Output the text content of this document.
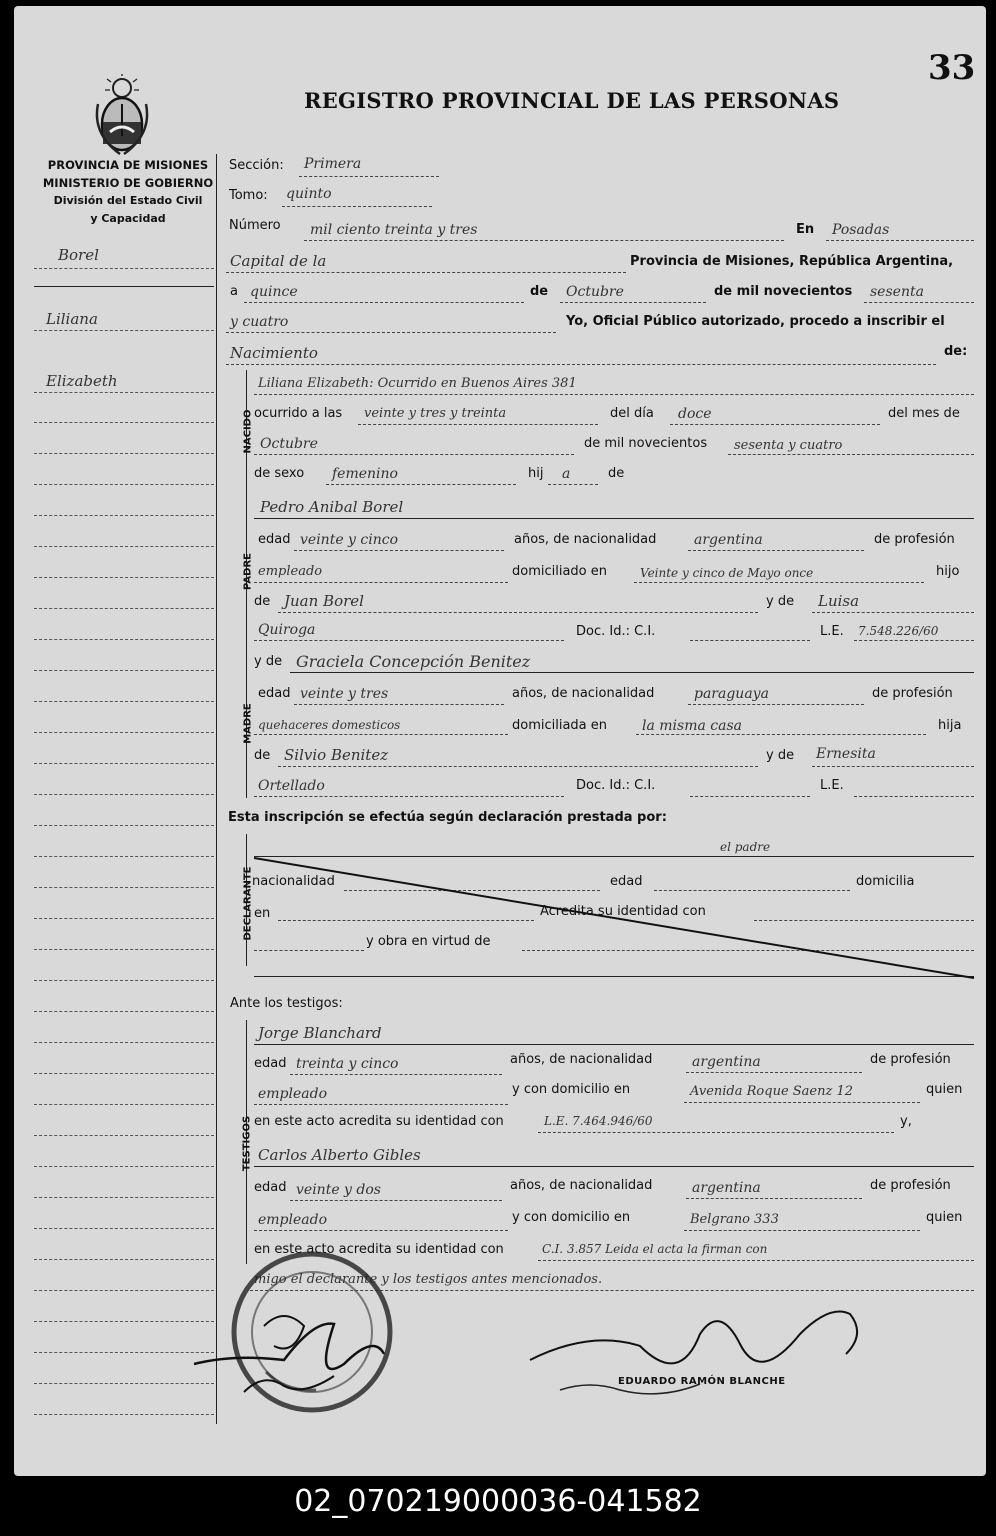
33
REGISTRO PROVINCIAL DE LAS PERSONAS
PROVINCIA DE MISIONES
MINISTERIO DE GOBIERNO
División del Estado Civil
y Capacidad
Borel
Liliana
Elizabeth
Sección: Primera
Tomo: quinto
Número mil ciento treinta y tres	En Posadas
Capital de la	Provincia de Misiones, República Argentina,
a quince	de Octubre	de mil novecientos sesenta
y cuatro	Yo, Oficial Público autorizado, procedo a inscribir el
Nacimiento	de:
NACIDO
Liliana Elizabeth: Ocurrido en Buenos Aires 381
ocurrido a las veinte y tres y treinta	del día doce	del mes de
Octubre	de mil novecientos sesenta y cuatro
de sexo femenino	hij a	de
PADRE
Pedro Anibal Borel
edad veinte y cinco	años, de nacionalidad	argentina	de profesión
empleado	domiciliado en	Veinte y cinco de Mayo once	hijo
de Juan Borel	y de Luisa
Quiroga	Doc. Id.: C.I.	L.E. 7.548.226/60
MADRE
y de Graciela Concepción Benitez
edad veinte y tres	años, de nacionalidad	paraguaya	de profesión
quehaceres domesticos	domiciliada en la misma casa	hija
de Silvio Benitez	y de Ernesita
Ortellado	Doc. Id.: C.I.	L.E.
Esta inscripción se efectúa según declaración prestada por:
DECLARANTE
el padre
nacionalidad	edad	domicilia
en	Acredita su identidad con
y obra en virtud de
Ante los testigos:
TESTIGOS
Jorge Blanchard
edad treinta y cinco	años, de nacionalidad	argentina	de profesión
empleado	y con domicilio en	Avenida Roque Saenz 12	quien
en este acto acredita su identidad con	L.E. 7.464.946/60	y,
Carlos Alberto Gibles
edad veinte y dos	años, de nacionalidad	argentina	de profesión
empleado	y con domicilio en	Belgrano 333	quien
en este acto acredita su identidad con	C.I. 3.857 Leida el acta la firman con
migo el declarante y los testigos antes mencionados.
EDUARDO RAMÓN BLANCHE
02_070219000036-041582
